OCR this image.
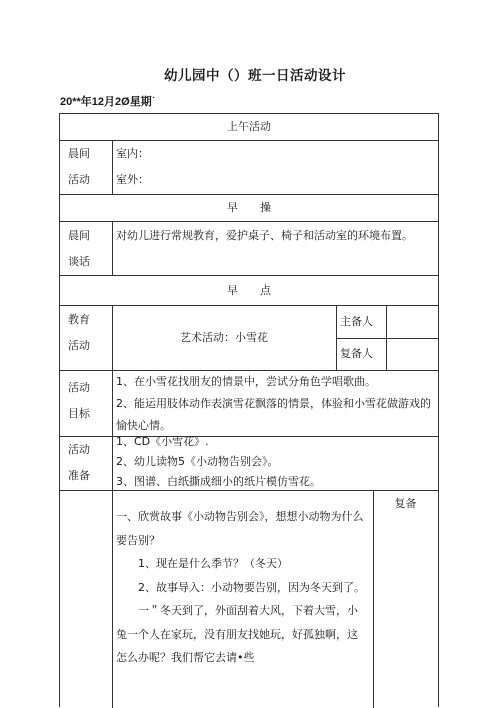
幼儿园中（）班一日活动设计
20**年12月2Ø星期˙
上午活动
晨间
活动
室内：
室外：
早　　操
晨间
谈话
对幼儿进行常规教育，爱护桌子、椅子和活动室的环境布置。
早　　点
教育
活动
艺术活动：小雪花
主备人
复备人
活动
目标
1、在小雪花找朋友的情景中，尝试分角色学唱歌曲。
2、能运用肢体动作表演雪花飘落的情景，体验和小雪花做游戏的愉快心情。
活动
准备
1、CD《小雪花》.
2、幼儿读物5《小动物告别会》。
3、图谱、白纸撕成细小的纸片模仿雪花。

一、欣赏故事《小动物告别会》，想想小动物为什么要告别？

1、现在是什么季节？（冬天）

2、故事导入：小动物要告别，因为冬天到了。

一＂冬天到了，外面刮着大风，下着大雪，小兔一个人在家玩，没有朋友找她玩，好孤独啊，这怎么办呢？我们帮它去请•些

复备
